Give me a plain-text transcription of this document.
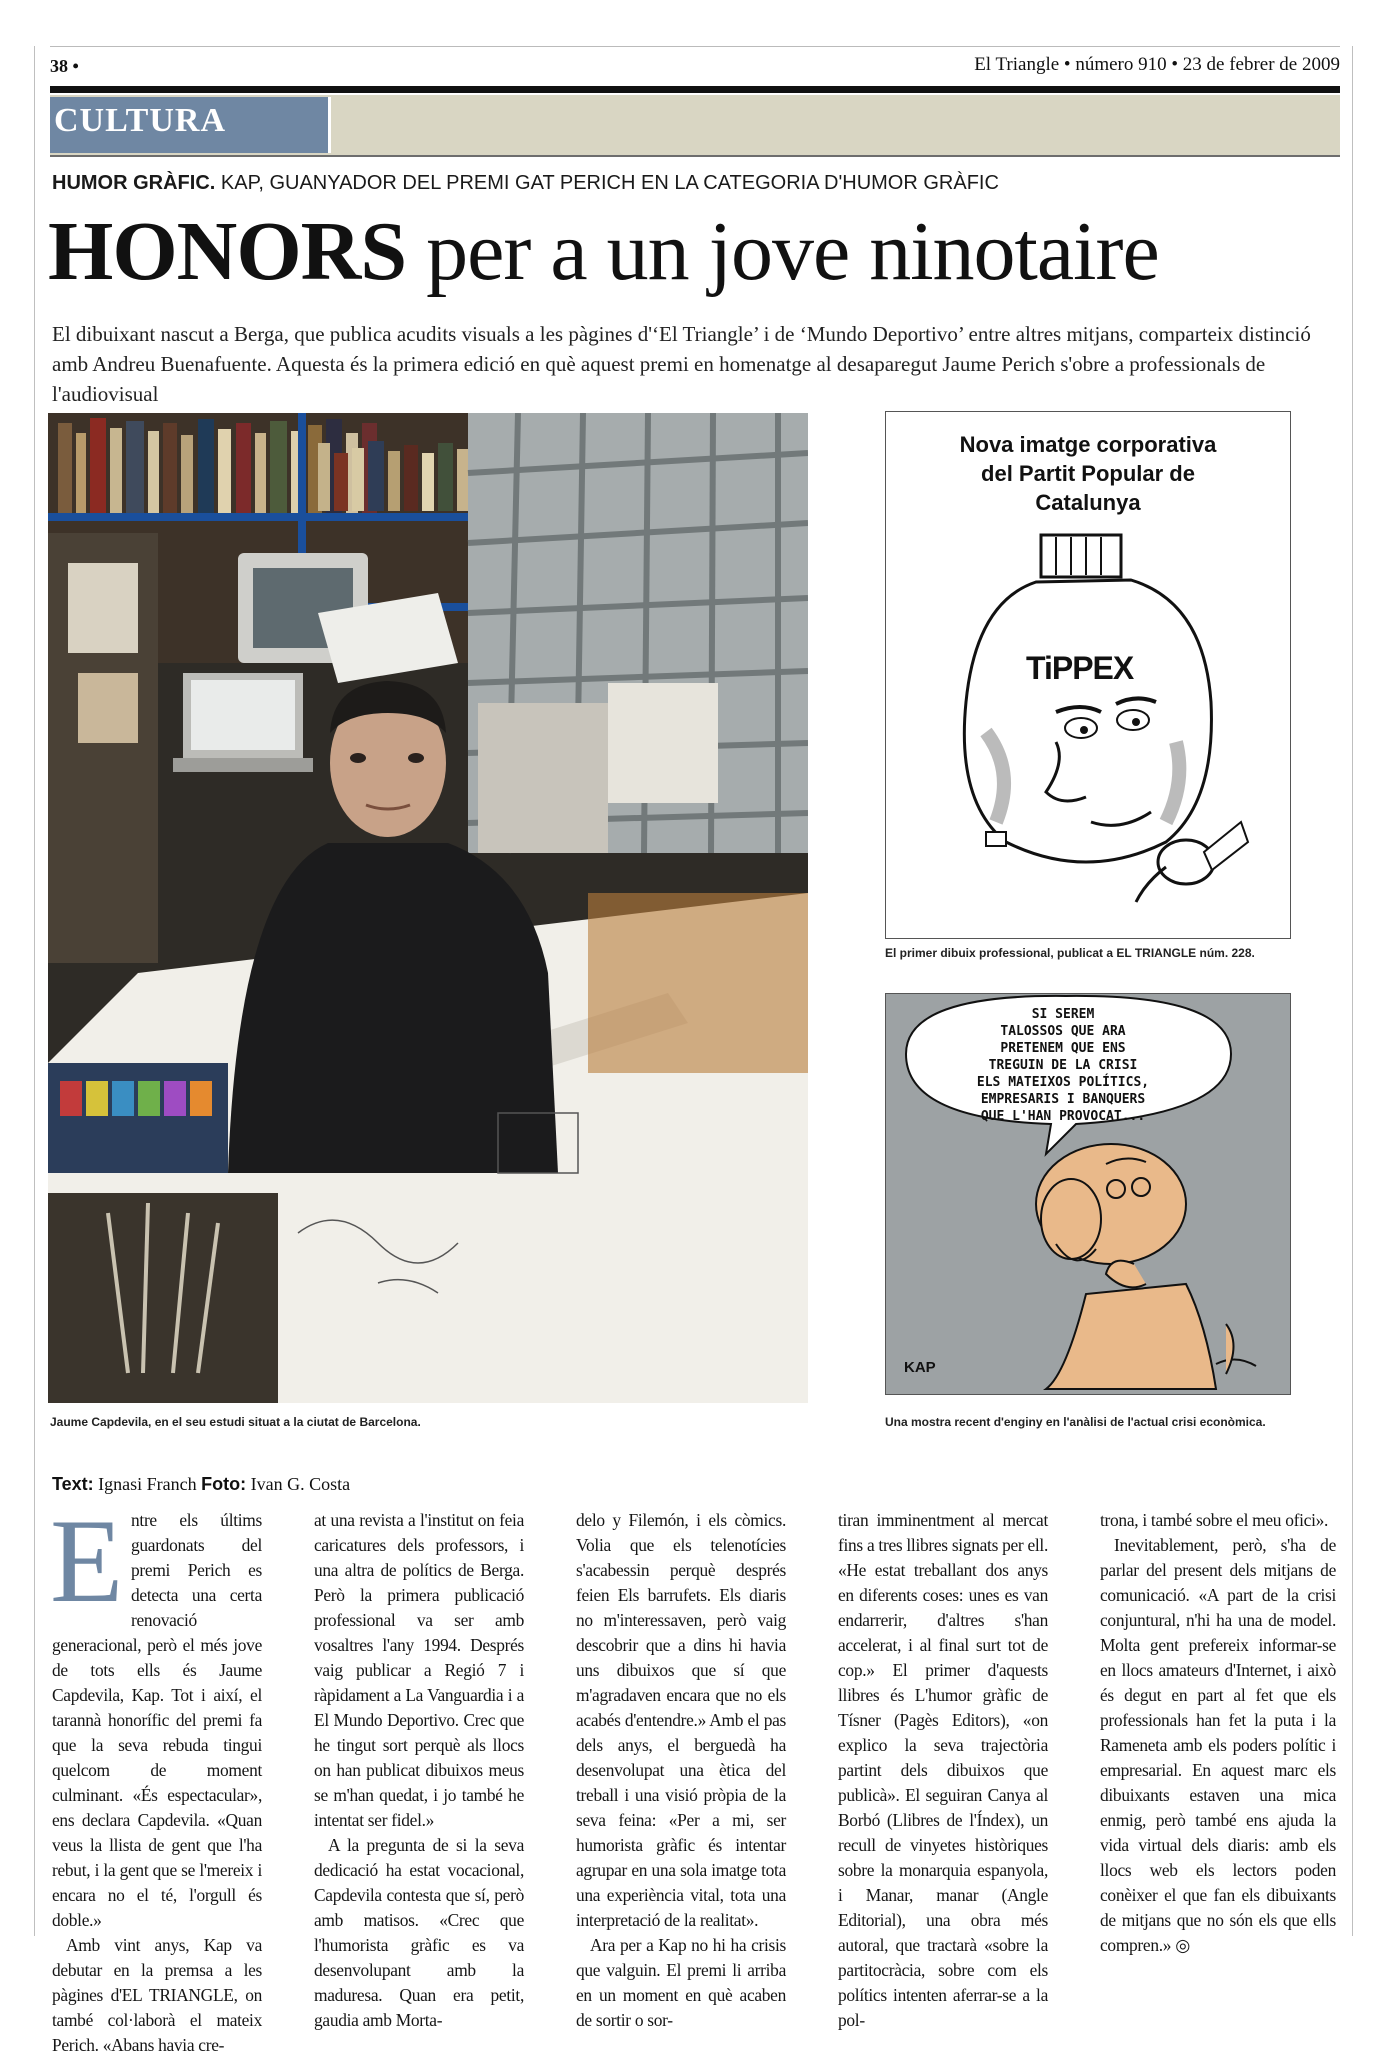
38 •	El Triangle • número 910 • 23 de febrer de 2009
CULTURA
HUMOR GRÀFIC. KAP, GUANYADOR DEL PREMI GAT PERICH EN LA CATEGORIA D'HUMOR GRÀFIC
HONORS per a un jove ninotaire
El dibuixant nascut a Berga, que publica acudits visuals a les pàgines d'‘El Triangle’ i de ‘Mundo Deportivo’ entre altres mitjans, comparteix distinció amb Andreu Buenafuente. Aquesta és la primera edició en què aquest premi en homenatge al desaparegut Jaume Perich s'obre a professionals de l'audiovisual
Jaume Capdevila, en el seu estudi situat a la ciutat de Barcelona.
Nova imatge corporativa
del Partit Popular de
Catalunya
TiPPEX
El primer dibuix professional, publicat a EL TRIANGLE núm. 228.
SI SEREM
TALOSSOS QUE ARA
PRETENEM QUE ENS
TREGUIN DE LA CRISI
ELS MATEIXOS POLÍTICS,
EMPRESARIS I BANQUERS
QUE L'HAN PROVOCAT...
KAP
Una mostra recent d'enginy en l'anàlisi de l'actual crisi econòmica.
Text: Ignasi Franch Foto: Ivan G. Costa

Entre els últims guardonats del premi Perich es detecta una certa renovació generacional, però el més jove de tots ells és Jaume Capdevila, Kap. Tot i així, el tarannà honorífic del premi fa que la seva rebuda tingui quelcom de moment culminant. «És espectacular», ens declara Capdevila. «Quan veus la llista de gent que l'ha rebut, i la gent que se l'mereix i encara no el té, l'orgull és doble.»

Amb vint anys, Kap va debutar en la premsa a les pàgines d'EL TRIANGLE, on també col·laborà el mateix Perich. «Abans havia cre-

at una revista a l'institut on feia caricatures dels professors, i una altra de polítics de Berga. Però la primera publicació professional va ser amb vosaltres l'any 1994. Després vaig publicar a Regió 7 i ràpidament a La Vanguardia i a El Mundo Deportivo. Crec que he tingut sort perquè als llocs on han publicat dibuixos meus se m'han quedat, i jo també he intentat ser fidel.»

A la pregunta de si la seva dedicació ha estat vocacional, Capdevila contesta que sí, però amb matisos. «Crec que l'humorista gràfic es va desenvolupant amb la maduresa. Quan era petit, gaudia amb Morta-

delo y Filemón, i els còmics. Volia que els telenotícies s'acabessin perquè després feien Els barrufets. Els diaris no m'interessaven, però vaig descobrir que a dins hi havia uns dibuixos que sí que m'agradaven encara que no els acabés d'entendre.» Amb el pas dels anys, el berguedà ha desenvolupat una ètica del treball i una visió pròpia de la seva feina: «Per a mi, ser humorista gràfic és intentar agrupar en una sola imatge tota una experiència vital, tota una interpretació de la realitat».

Ara per a Kap no hi ha crisis que valguin. El premi li arriba en un moment en què acaben de sortir o sor-

tiran imminentment al mercat fins a tres llibres signats per ell. «He estat treballant dos anys en diferents coses: unes es van endarrerir, d'altres s'han accelerat, i al final surt tot de cop.» El primer d'aquests llibres és L'humor gràfic de Tísner (Pagès Editors), «on explico la seva trajectòria partint dels dibuixos que publicà». El seguiran Canya al Borbó (Llibres de l'Índex), un recull de vinyetes històriques sobre la monarquia espanyola, i Manar, manar (Angle Editorial), una obra més autoral, que tractarà «sobre la partitocràcia, sobre com els polítics intenten aferrar-se a la pol-

trona, i també sobre el meu ofici».

Inevitablement, però, s'ha de parlar del present dels mitjans de comunicació. «A part de la crisi conjuntural, n'hi ha una de model. Molta gent prefereix informar-se en llocs amateurs d'Internet, i això és degut en part al fet que els professionals han fet la puta i la Rameneta amb els poders polític i empresarial. En aquest marc els dibuixants estaven una mica enmig, però també ens ajuda la vida virtual dels diaris: amb els llocs web els lectors poden conèixer el que fan els dibuixants de mitjans que no són els que ells compren.» ◎
